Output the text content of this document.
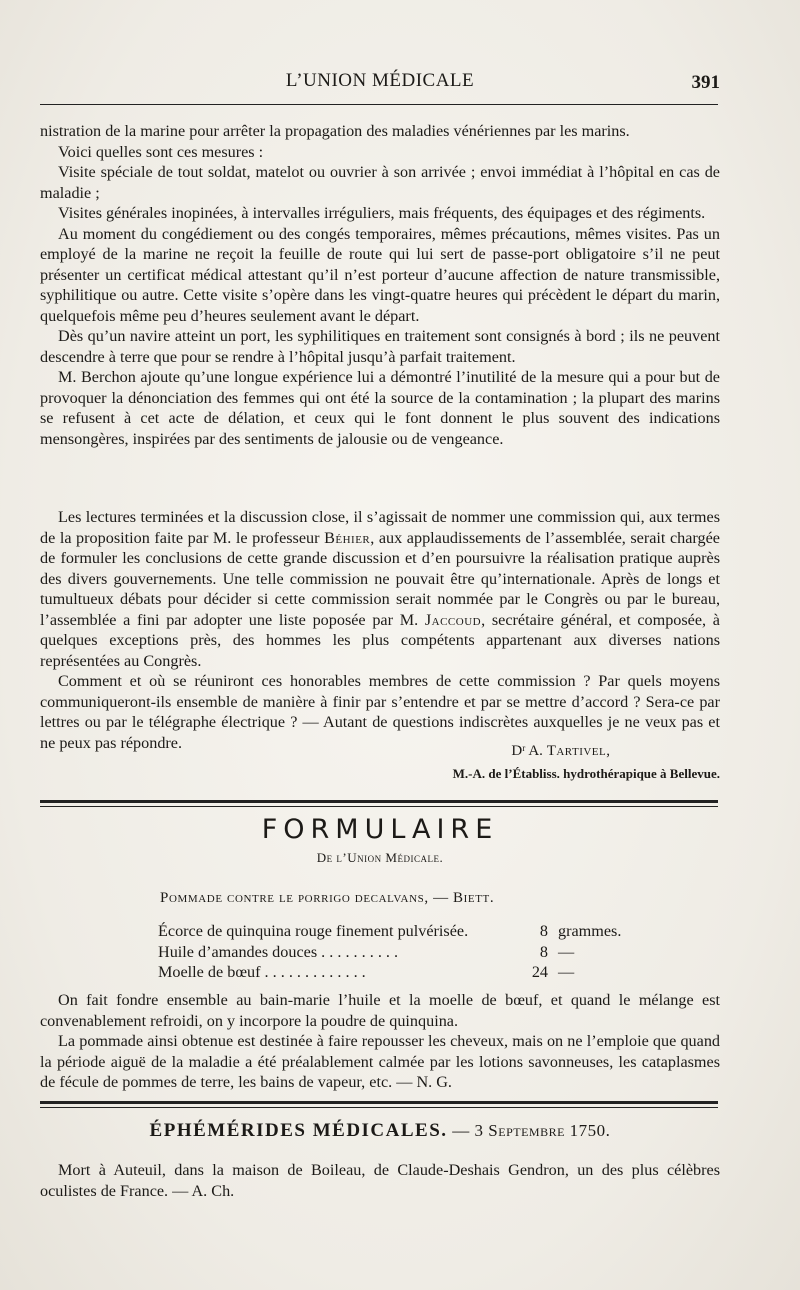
L’UNION MÉDICALE	391

nistration de la marine pour arrêter la propagation des maladies vénériennes par les marins.

Voici quelles sont ces mesures :

Visite spéciale de tout soldat, matelot ou ouvrier à son arrivée ; envoi immédiat à l’hôpital en cas de maladie ;

Visites générales inopinées, à intervalles irréguliers, mais fréquents, des équipages et des régiments.

Au moment du congédiement ou des congés temporaires, mêmes précautions, mêmes visites. Pas un employé de la marine ne reçoit la feuille de route qui lui sert de passe-port obligatoire s’il ne peut présenter un certificat médical attestant qu’il n’est porteur d’aucune affection de nature transmissible, syphilitique ou autre. Cette visite s’opère dans les vingt-quatre heures qui précèdent le départ du marin, quelquefois même peu d’heures seulement avant le départ.

Dès qu’un navire atteint un port, les syphilitiques en traitement sont consignés à bord ; ils ne peuvent descendre à terre que pour se rendre à l’hôpital jusqu’à parfait traitement.

M. Berchon ajoute qu’une longue expérience lui a démontré l’inutilité de la mesure qui a pour but de provoquer la dénonciation des femmes qui ont été la source de la contamination ; la plupart des marins se refusent à cet acte de délation, et ceux qui le font donnent le plus souvent des indications mensongères, inspirées par des sentiments de jalousie ou de vengeance.

Les lectures terminées et la discussion close, il s’agissait de nommer une commission qui, aux termes de la proposition faite par M. le professeur Béhier, aux applaudissements de l’assemblée, serait chargée de formuler les conclusions de cette grande discussion et d’en poursuivre la réalisation pratique auprès des divers gouvernements. Une telle commission ne pouvait être qu’internationale. Après de longs et tumultueux débats pour décider si cette commission serait nommée par le Congrès ou par le bureau, l’assemblée a fini par adopter une liste poposée par M. Jaccoud, secrétaire général, et composée, à quelques exceptions près, des hommes les plus compétents appartenant aux diverses nations représentées au Congrès.

Comment et où se réuniront ces honorables membres de cette commission ? Par quels moyens communiqueront-ils ensemble de manière à finir par s’entendre et par se mettre d’accord ? Sera-ce par lettres ou par le télégraphe électrique ? — Autant de questions indiscrètes auxquelles je ne veux pas et ne peux pas répondre.	Dʳ A. Tartivel,
M.-A. de l’Établiss. hydrothérapique à Bellevue.
FORMULAIRE
De l’Union Médicale.
Pommade contre le porrigo decalvans, — Biett.
Écorce de quinquina rouge finement pulvérisée.	8 grammes.
Huile d’amandes douces . . . . . . . . . .	8 —
Moelle de bœuf . . . . . . . . . . . . .	24 —

On fait fondre ensemble au bain-marie l’huile et la moelle de bœuf, et quand le mélange est convenablement refroidi, on y incorpore la poudre de quinquina.

La pommade ainsi obtenue est destinée à faire repousser les cheveux, mais on ne l’emploie que quand la période aiguë de la maladie a été préalablement calmée par les lotions savonneuses, les cataplasmes de fécule de pommes de terre, les bains de vapeur, etc. — N. G.

ÉPHÉMÉRIDES MÉDICALES. — 3 Septembre 1750.

Mort à Auteuil, dans la maison de Boileau, de Claude-Deshais Gendron, un des plus célèbres oculistes de France. — A. Ch.
